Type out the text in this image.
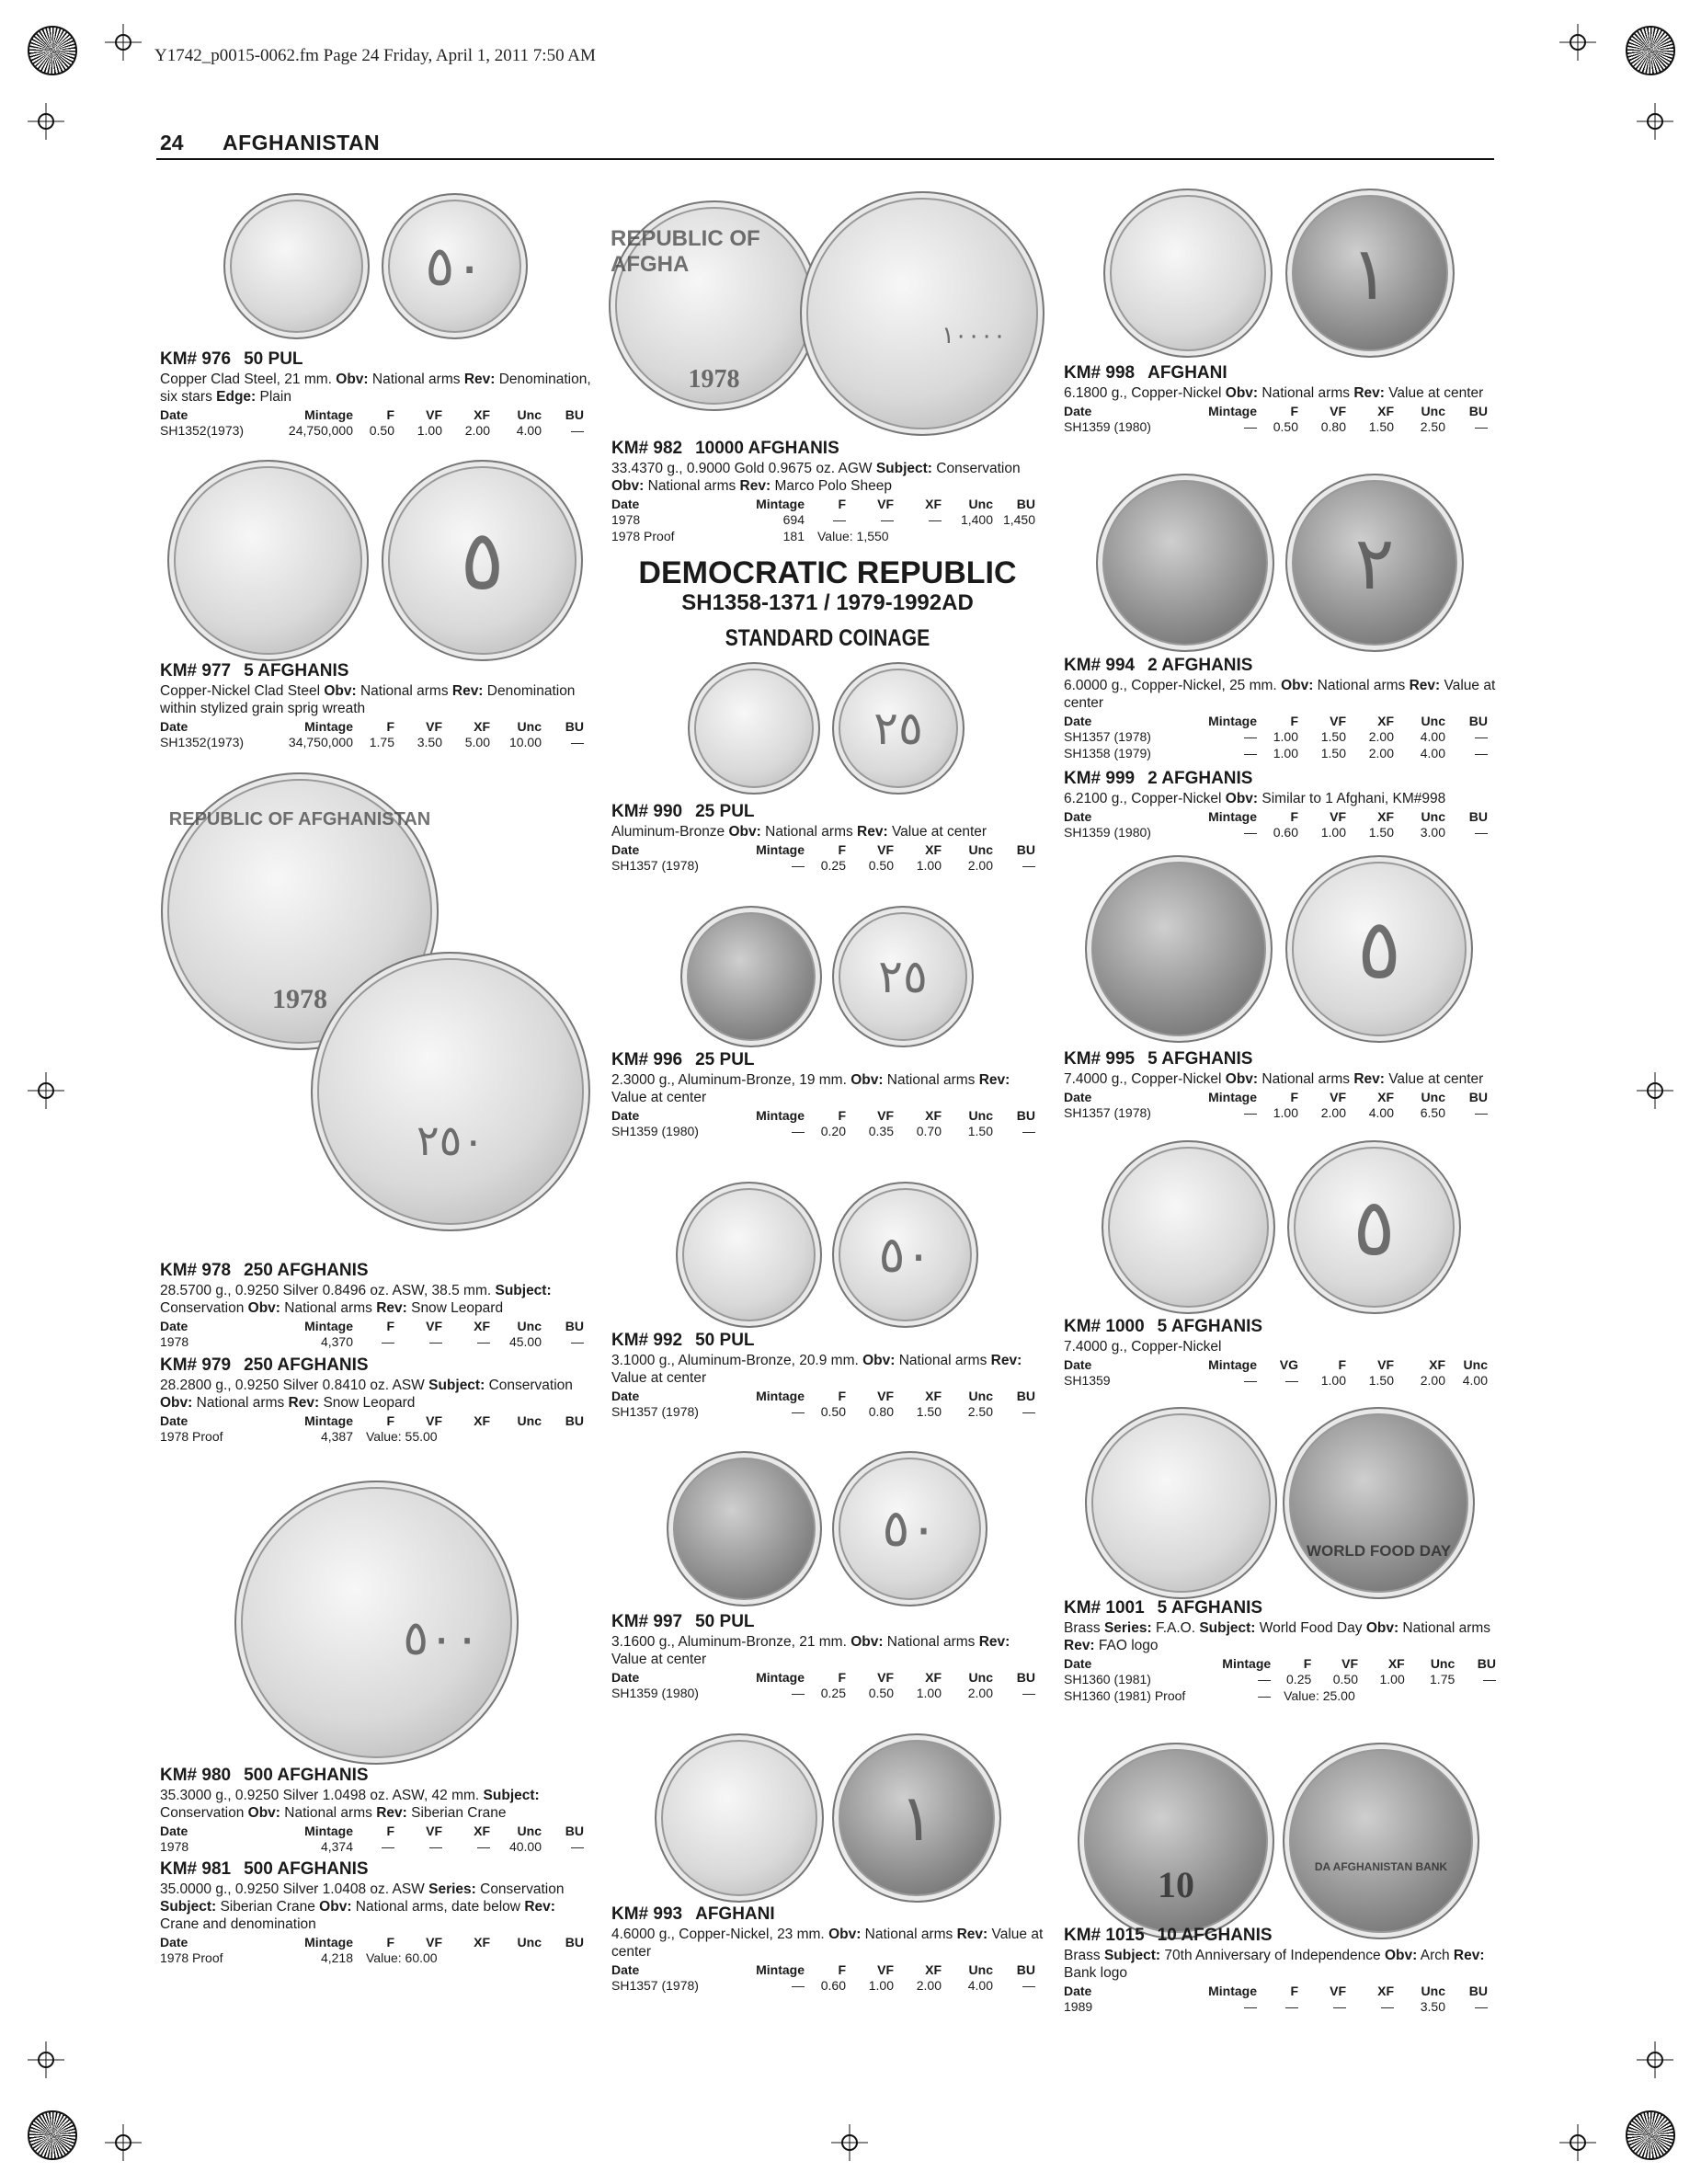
Y1742_p0015-0062.fm Page 24 Friday, April 1, 2011 7:50 AM
24 AFGHANISTAN
DEMOCRATIC REPUBLIC
SH1358-1371 / 1979-1992AD
STANDARD COINAGE
٥٠
٥
REPUBLIC OF AFGHANISTAN
1978
٢٥٠
٥٠٠
REPUBLIC OF AFGHA
1978
١٠٠٠٠
٢٥
٢٥
٥٠
٥٠
١
١
٢
٥
٥
WORLD FOOD DAY
10	DA AFGHANISTAN BANK
KM# 976 50 PUL
Copper Clad Steel, 21 mm. Obv: National arms Rev: Denomination, six stars Edge: Plain
Date	Mintage	F	VF	XF	Unc	BU
SH1352(1973)	24,750,000	0.50	1.00	2.00	4.00	—
KM# 977 5 AFGHANIS
Copper-Nickel Clad Steel Obv: National arms Rev: Denomination within stylized grain sprig wreath
Date	Mintage	F	VF	XF	Unc	BU
SH1352(1973)	34,750,000	1.75	3.50	5.00	10.00	—
KM# 978 250 AFGHANIS
28.5700 g., 0.9250 Silver 0.8496 oz. ASW, 38.5 mm. Subject: Conservation Obv: National arms Rev: Snow Leopard
Date	Mintage	F	VF	XF	Unc	BU
1978	4,370	—	—	—	45.00	—
KM# 979 250 AFGHANIS
28.2800 g., 0.9250 Silver 0.8410 oz. ASW Subject: Conservation Obv: National arms Rev: Snow Leopard
Date	Mintage	F	VF	XF	Unc	BU
1978 Proof	4,387	Value: 55.00				
KM# 980 500 AFGHANIS
35.3000 g., 0.9250 Silver 1.0498 oz. ASW, 42 mm. Subject: Conservation Obv: National arms Rev: Siberian Crane
Date	Mintage	F	VF	XF	Unc	BU
1978	4,374	—	—	—	40.00	—
KM# 981 500 AFGHANIS
35.0000 g., 0.9250 Silver 1.0408 oz. ASW Series: Conservation Subject: Siberian Crane Obv: National arms, date below Rev: Crane and denomination
Date	Mintage	F	VF	XF	Unc	BU
1978 Proof	4,218	Value: 60.00				
KM# 982 10000 AFGHANIS
33.4370 g., 0.9000 Gold 0.9675 oz. AGW Subject: Conservation Obv: National arms Rev: Marco Polo Sheep
Date	Mintage	F	VF	XF	Unc	BU
1978	694	—	—	—	1,400	1,450
1978 Proof	181	Value: 1,550				
KM# 990 25 PUL
Aluminum-Bronze Obv: National arms Rev: Value at center
Date	Mintage	F	VF	XF	Unc	BU
SH1357 (1978)	—	0.25	0.50	1.00	2.00	—
KM# 996 25 PUL
2.3000 g., Aluminum-Bronze, 19 mm. Obv: National arms Rev: Value at center
Date	Mintage	F	VF	XF	Unc	BU
SH1359 (1980)	—	0.20	0.35	0.70	1.50	—
KM# 992 50 PUL
3.1000 g., Aluminum-Bronze, 20.9 mm. Obv: National arms Rev: Value at center
Date	Mintage	F	VF	XF	Unc	BU
SH1357 (1978)	—	0.50	0.80	1.50	2.50	—
KM# 997 50 PUL
3.1600 g., Aluminum-Bronze, 21 mm. Obv: National arms Rev: Value at center
Date	Mintage	F	VF	XF	Unc	BU
SH1359 (1980)	—	0.25	0.50	1.00	2.00	—
KM# 993 AFGHANI
4.6000 g., Copper-Nickel, 23 mm. Obv: National arms Rev: Value at center
Date	Mintage	F	VF	XF	Unc	BU
SH1357 (1978)	—	0.60	1.00	2.00	4.00	—
KM# 998 AFGHANI
6.1800 g., Copper-Nickel Obv: National arms Rev: Value at center
Date	Mintage	F	VF	XF	Unc	BU
SH1359 (1980)	—	0.50	0.80	1.50	2.50	—
KM# 994 2 AFGHANIS
6.0000 g., Copper-Nickel, 25 mm. Obv: National arms Rev: Value at center
Date	Mintage	F	VF	XF	Unc	BU
SH1357 (1978)	—	1.00	1.50	2.00	4.00	—
SH1358 (1979)	—	1.00	1.50	2.00	4.00	—
KM# 999 2 AFGHANIS
6.2100 g., Copper-Nickel Obv: Similar to 1 Afghani, KM#998
Date	Mintage	F	VF	XF	Unc	BU
SH1359 (1980)	—	0.60	1.00	1.50	3.00	—
KM# 995 5 AFGHANIS
7.4000 g., Copper-Nickel Obv: National arms Rev: Value at center
Date	Mintage	F	VF	XF	Unc	BU
SH1357 (1978)	—	1.00	2.00	4.00	6.50	—
KM# 1000 5 AFGHANIS
7.4000 g., Copper-Nickel
Date	Mintage	VG	F	VF	XF	Unc
SH1359	—	—	1.00	1.50	2.00	4.00
KM# 1001 5 AFGHANIS
Brass Series: F.A.O. Subject: World Food Day Obv: National arms Rev: FAO logo
Date	Mintage	F	VF	XF	Unc	BU
SH1360 (1981)	—	0.25	0.50	1.00	1.75	—
SH1360 (1981) Proof	—	Value: 25.00				
KM# 1015 10 AFGHANIS
Brass Subject: 70th Anniversary of Independence Obv: Arch Rev: Bank logo
Date	Mintage	F	VF	XF	Unc	BU
1989	—	—	—	—	3.50	—
